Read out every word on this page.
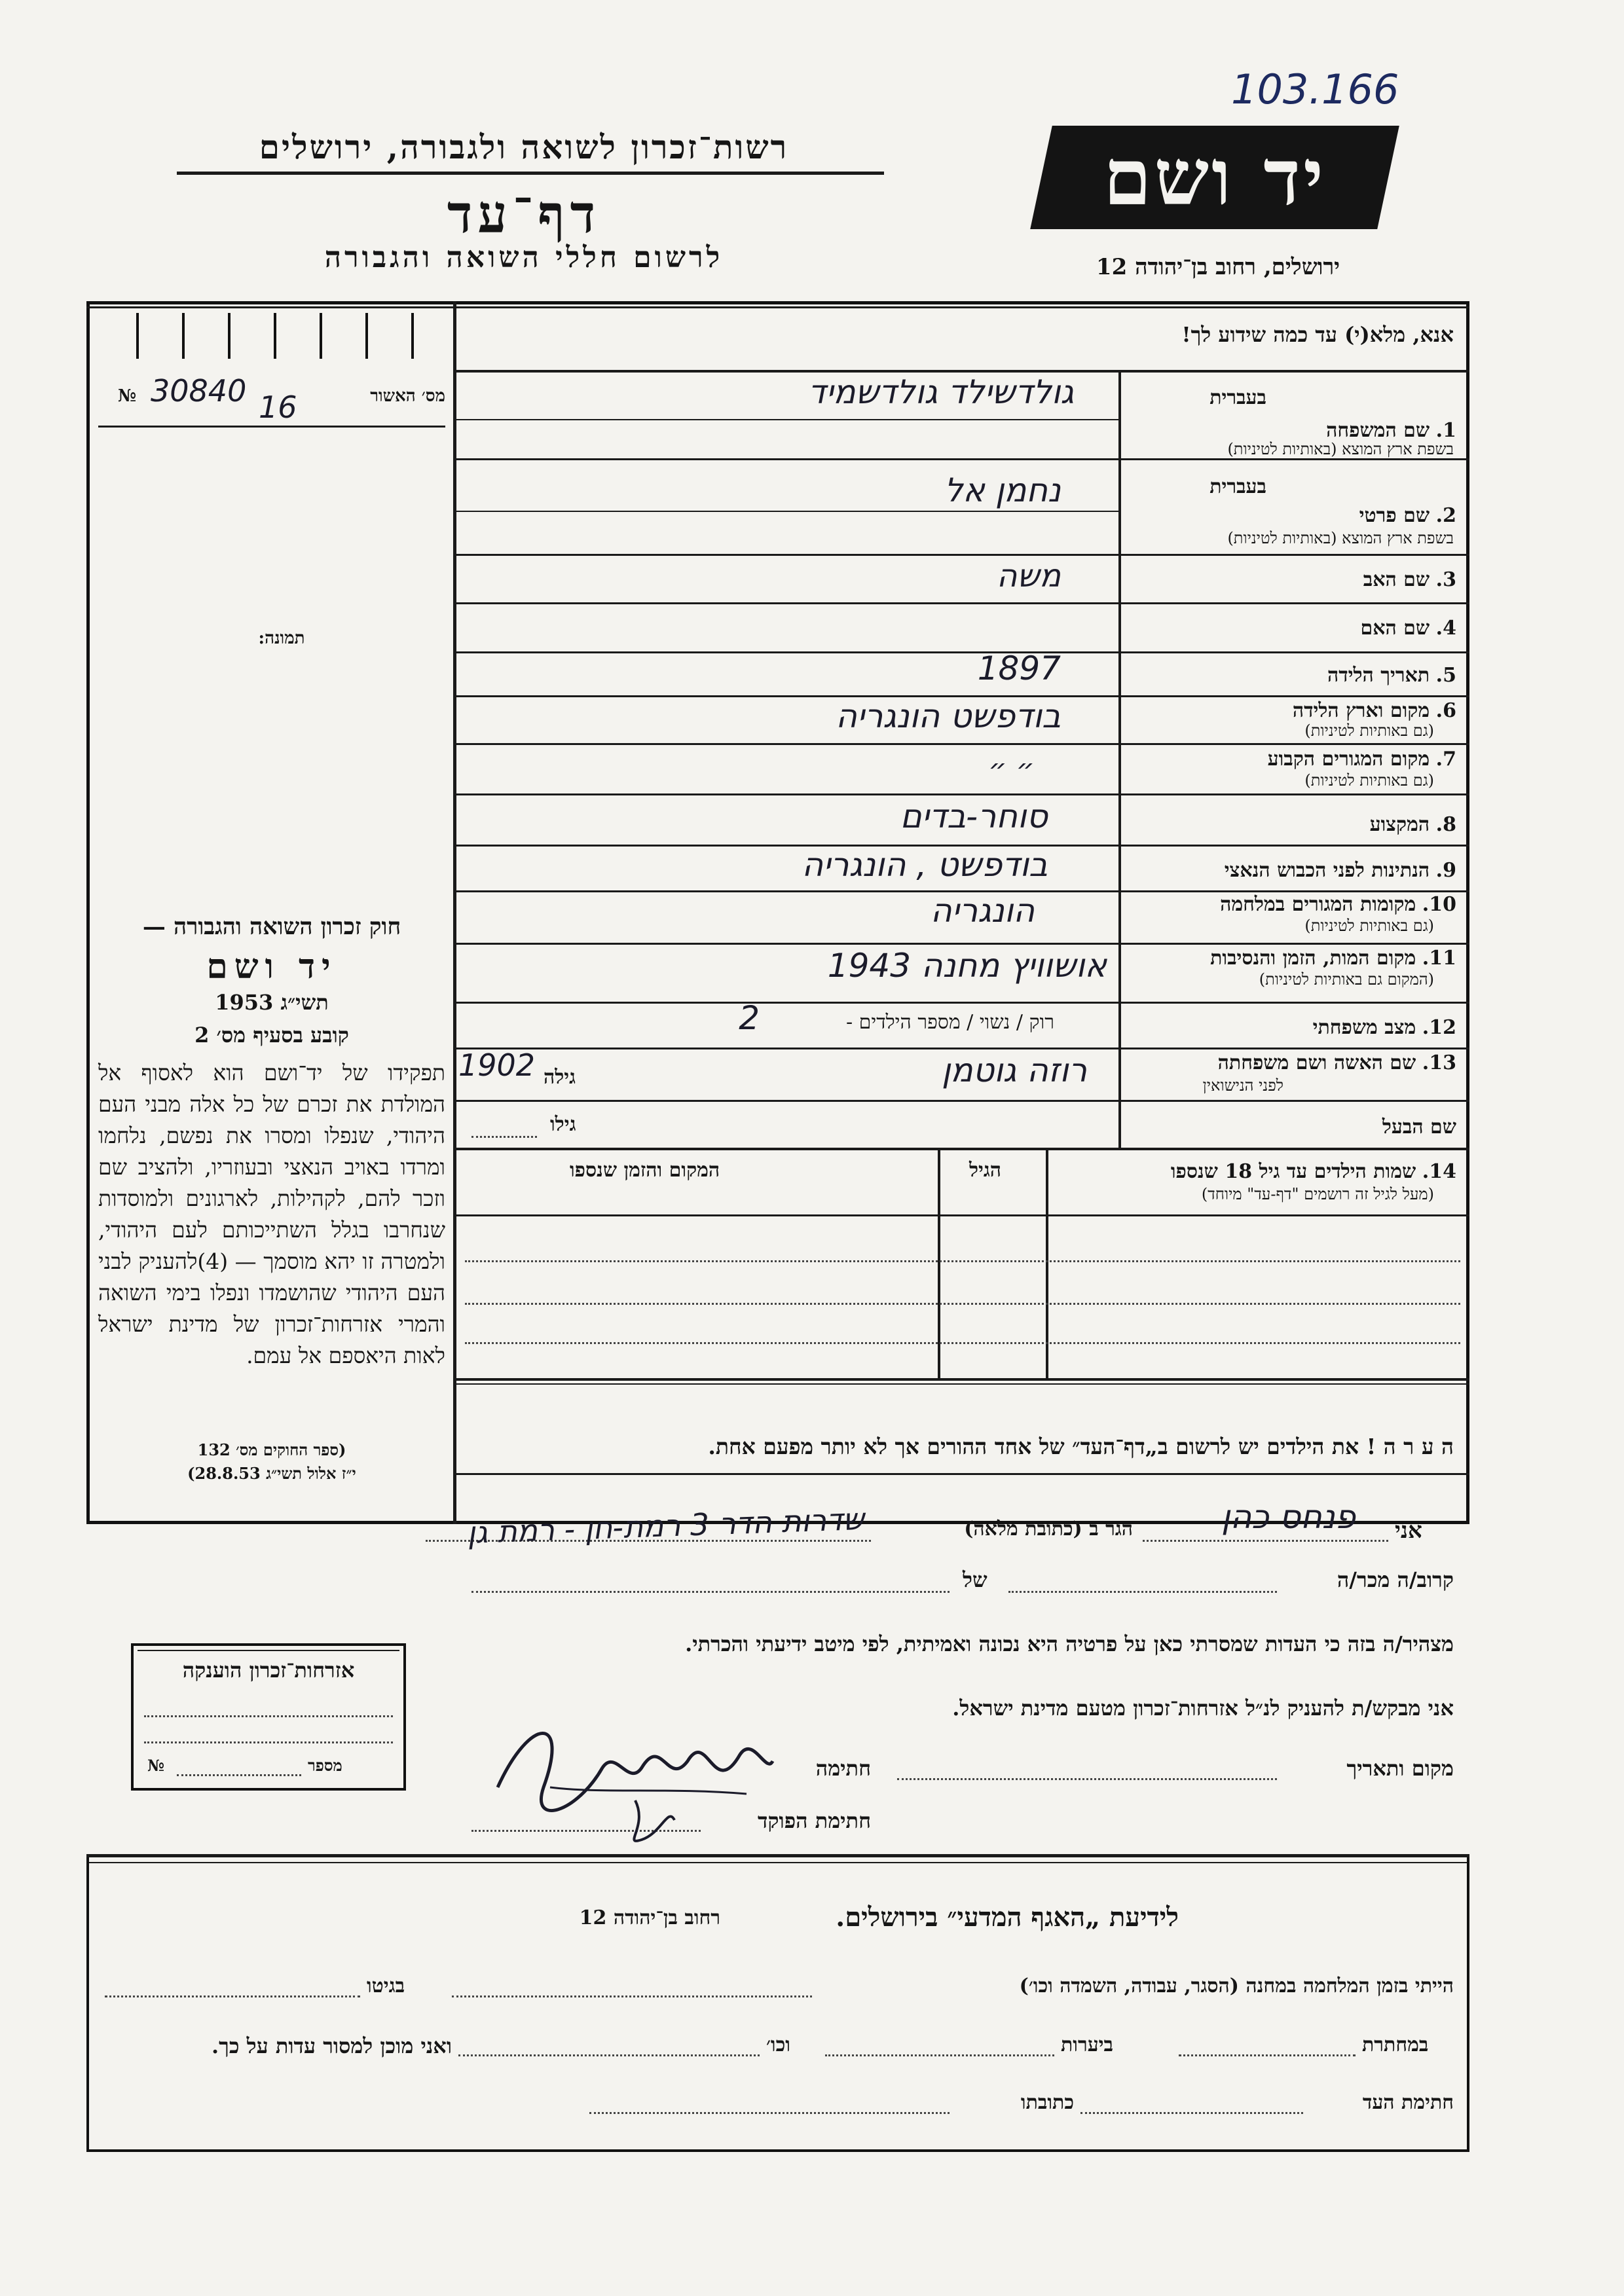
103.166
רשות־זכרון לשואה ולגבורה, ירושלים
דף־עד
לרשום חללי השואה והגבורה
יד ושם
ירושלים, רחוב בן־יהודה 12
אנא, מלא(י) עד כמה שידוע לך!
מס׳ האשור
№ 30840 16
תמונה:
בעברית
1. שם המשפחה
בשפת ארץ המוצא (באותיות לטיניות)
גולדשילד גולדשמיד
בעברית
2. שם פרטי
בשפת ארץ המוצא (באותיות לטיניות)
נחמן אל
3. שם האב
משה
4. שם האם
5. תאריך הלידה
1897
6. מקום וארץ הלידה
(גם באותיות לטיניות)
בודפשט הונגריה
7. מקום המגורים הקבוע
(גם באותיות לטיניות)
״ ״
8. המקצוע
סוחר-בדים
9. הנתינות לפני הכבוש הנאצי
בודפשט , הונגריה
10. מקומות המגורים במלחמה
(גם באותיות לטיניות)
הונגריה
11. מקום המות, הזמן והנסיבות
(המקום גם באותיות לטיניות)
אושוויץ מחנה 1943
12. מצב משפחתי
רוק / נשוי / מספר הילדים -
2
13. שם האשה ושם משפחתה
לפני הנישואין
רוזה גוטמן
גילה
1902
שם הבעל
גילו
14. שמות הילדים עד גיל 18 שנספו
(מעל לגיל זה רושמים "דף-עד" מיוחד)
הגיל
המקום והזמן שנספו
ה ע ר ה ! את הילדים יש לרשום ב„דף־העד״ של אחד ההורים אך לא יותר מפעם אחת.
חוק זכרון השואה והגבורה —
יד ושם
תשי״ג 1953
קובע בסעיף מס׳ 2
תפקידו של יד־ושם הוא לאסוף אל המולדת את זכרם של כל אלה מבני העם היהודי, שנפלו ומסרו את נפשם, נלחמו ומרדו באויב הנאצי ובעוזריו, ולהציב שם וזכר להם, לקהילות, לארגונים ולמוסדות שנחרבו בגלל השתייכותם לעם היהודי, ולמטרה זו יהא מוסמך — (4)להעניק לבני העם היהודי שהושמדו ונפלו בימי השואה והמרי אזרחות־זכרון של מדינת ישראל לאות היאספם אל עמם.
(ספר החוקים מס׳ 132
י״ז אלול תשי״ג 28.8.53)
אני
פנחס כהן
הגר ב (כתובת מלאה)
שדרות הדר 3 רמת-חן - רמת גן
קרוב/ה מכר/ה
של
מצהיר/ה בזה כי העדות שמסרתי כאן על פרטיה היא נכונה ואמיתית, לפי מיטב ידיעתי והכרתי.
אני מבקש/ת להעניק לנ״ל אזרחות־זכרון מטעם מדינת ישראל.
מקום ותאריך
חתימה
חתימת הפוקד
אזרחות־זכרון הוענקה
מספר
№
לידיעת „האגף המדעי״ בירושלים.
רחוב בן־יהודה 12
הייתי בזמן המלחמה במחנה (הסגר, עבודה, השמדה וכו׳)
בגיטו
במחתרת
ביערות
וכו׳
ואני מוכן למסור עדות על כך.
חתימת העד
כתובתו
